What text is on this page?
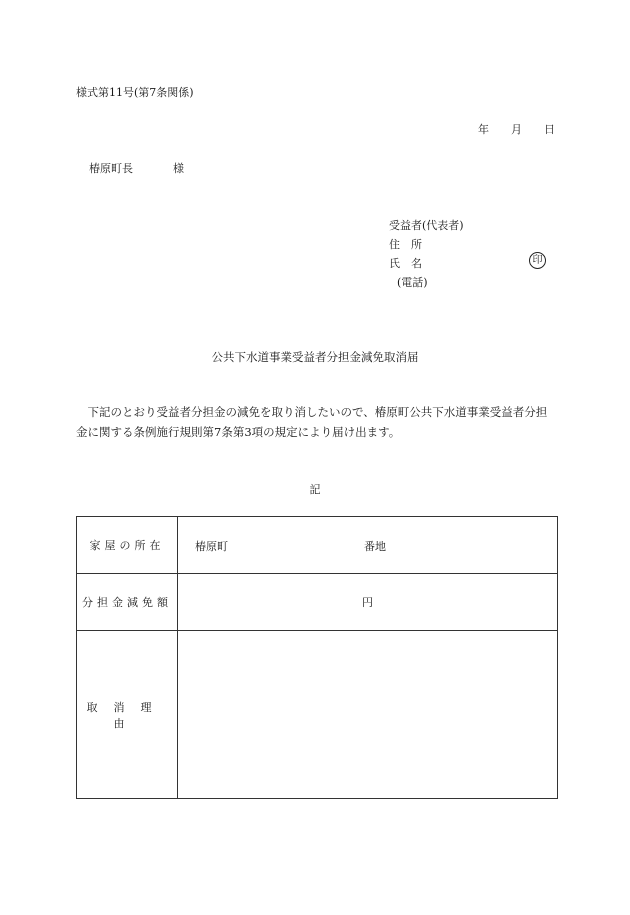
様式第11号(第7条関係)
年 月 日
椿原町長	様
受益者(代表者)
住　所
氏　名	印
(電話)
公共下水道事業受益者分担金減免取消届
下記のとおり受益者分担金の減免を取り消したいので、椿原町公共下水道事業受益者分担金に関する条例施行規則第7条第3項の規定により届け出ます。
記
家屋の所在	椿原町 番地

分担金減免額	円
取消理由	
